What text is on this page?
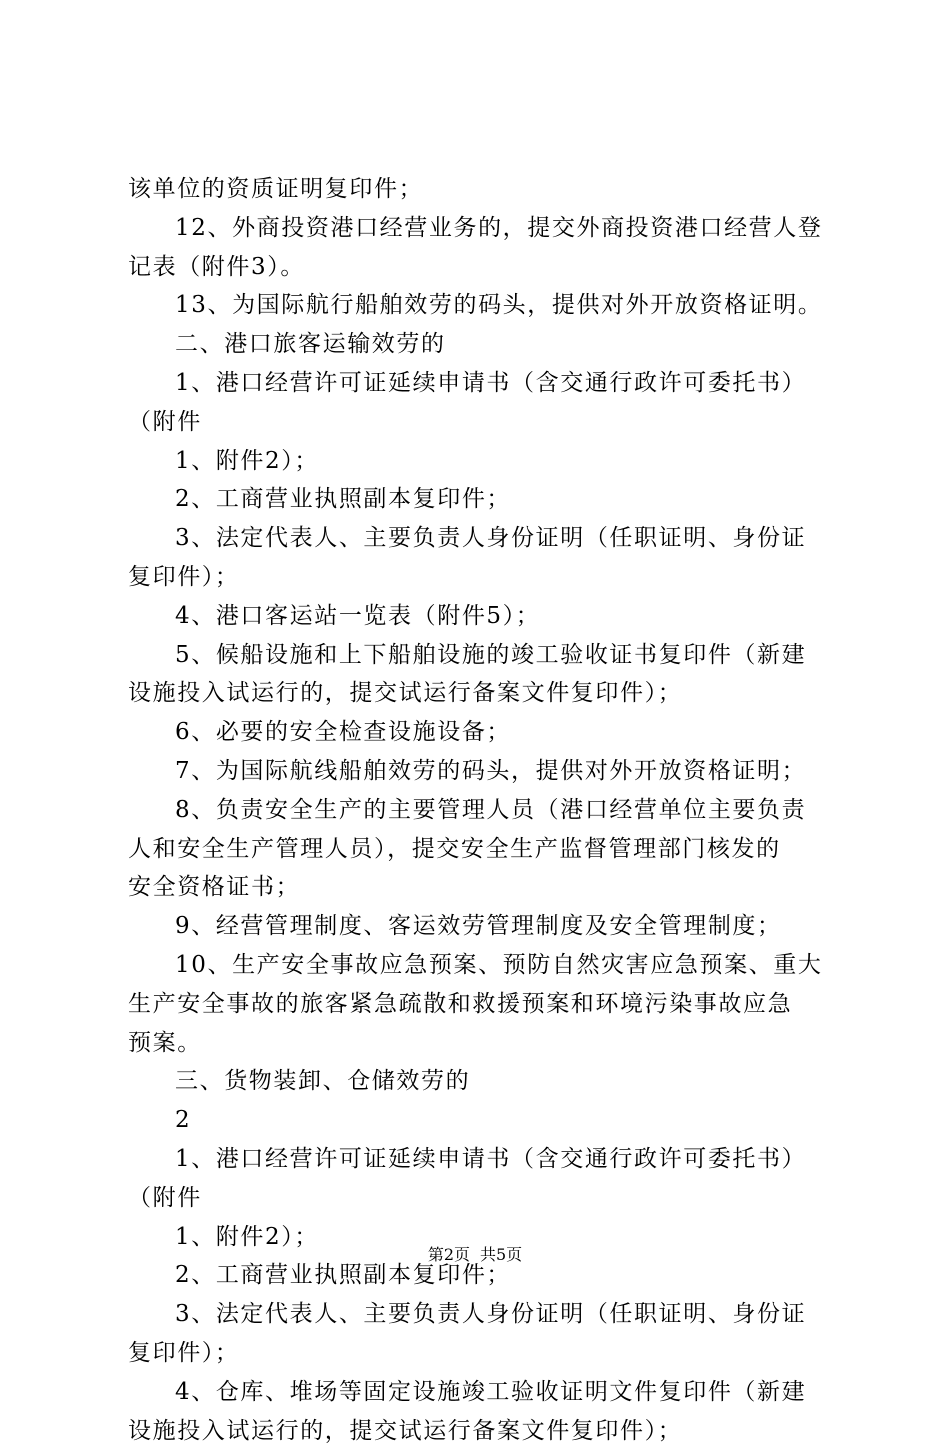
该单位的资质证明复印件；
12、外商投资港口经营业务的，提交外商投资港口经营人登
记表（附件3）。
13、为国际航行船舶效劳的码头，提供对外开放资格证明。
二、港口旅客运输效劳的
1、港口经营许可证延续申请书（含交通行政许可委托书）
（附件
1、附件2）；
2、工商营业执照副本复印件；
3、法定代表人、主要负责人身份证明（任职证明、身份证
复印件）；
4、港口客运站一览表（附件5）；
5、候船设施和上下船舶设施的竣工验收证书复印件（新建
设施投入试运行的，提交试运行备案文件复印件）；
6、必要的安全检查设施设备；
7、为国际航线船舶效劳的码头，提供对外开放资格证明；
8、负责安全生产的主要管理人员（港口经营单位主要负责
人和安全生产管理人员），提交安全生产监督管理部门核发的
安全资格证书；
9、经营管理制度、客运效劳管理制度及安全管理制度；
10、生产安全事故应急预案、预防自然灾害应急预案、重大
生产安全事故的旅客紧急疏散和救援预案和环境污染事故应急
预案。
三、货物装卸、仓储效劳的
2
1、港口经营许可证延续申请书（含交通行政许可委托书）
（附件
1、附件2）；
2、工商营业执照副本复印件；
3、法定代表人、主要负责人身份证明（任职证明、身份证
复印件）；
4、仓库、堆场等固定设施竣工验收证明文件复印件（新建
设施投入试运行的，提交试运行备案文件复印件）；
第2页 共5页
